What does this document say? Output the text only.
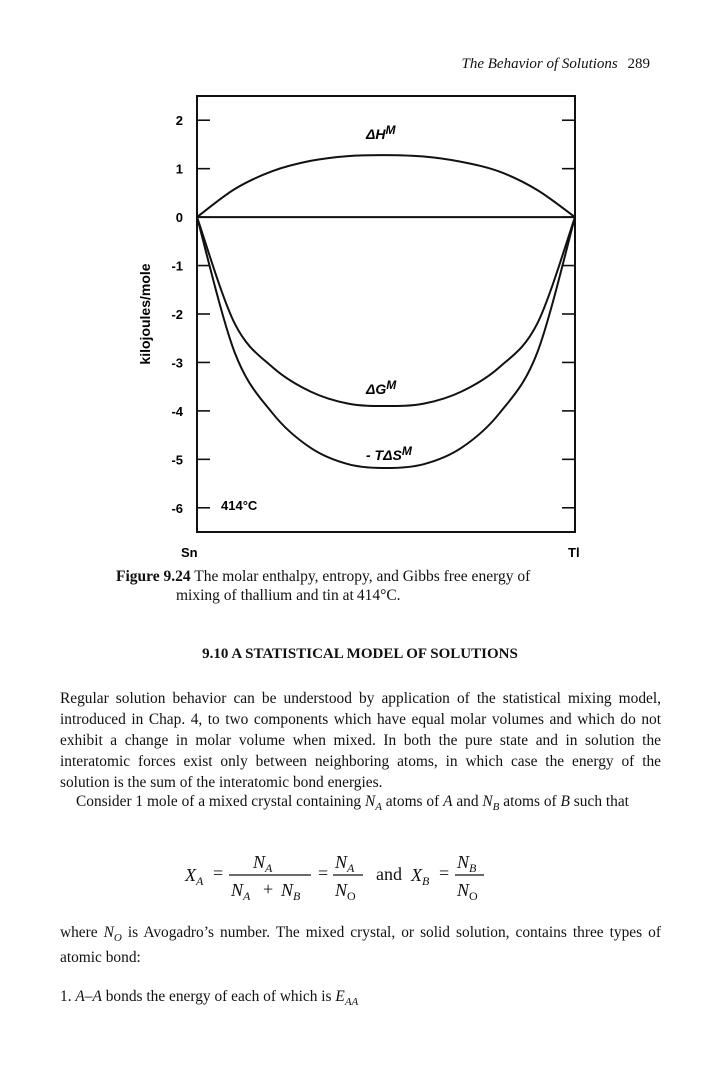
The Behavior of Solutions 289
2
1
0
-1
-2
-3
-4
-5
-6
kilojoules/mole
Sn	Tl
414°C
ΔHM
ΔGM
- TΔSM
Figure 9.24 The molar enthalpy, entropy, and Gibbs free energy of
mixing of thallium and tin at 414°C.
9.10 A STATISTICAL MODEL OF SOLUTIONS
Regular solution behavior can be understood by application of the statistical mixing model, introduced in Chap. 4, to two components which have equal molar volumes and which do not exhibit a change in molar volume when mixed. In both the pure state and in solution the interatomic forces exist only between neighboring atoms, in which case the energy of the solution is the sum of the interatomic bond energies.
Consider 1 mole of a mixed crystal containing $N_A$ atoms of A and $N_B$ atoms of B such that
$X_A$ =
$N_A$
$N_A + N_B$
=
$N_A$
$N_O$
and $X_B$ =
$N_B$
$N_O$
where $N_O$ is Avogadro’s number. The mixed crystal, or solid solution, contains three types of atomic bond:
1. A–A bonds the energy of each of which is $E_{AA}$
